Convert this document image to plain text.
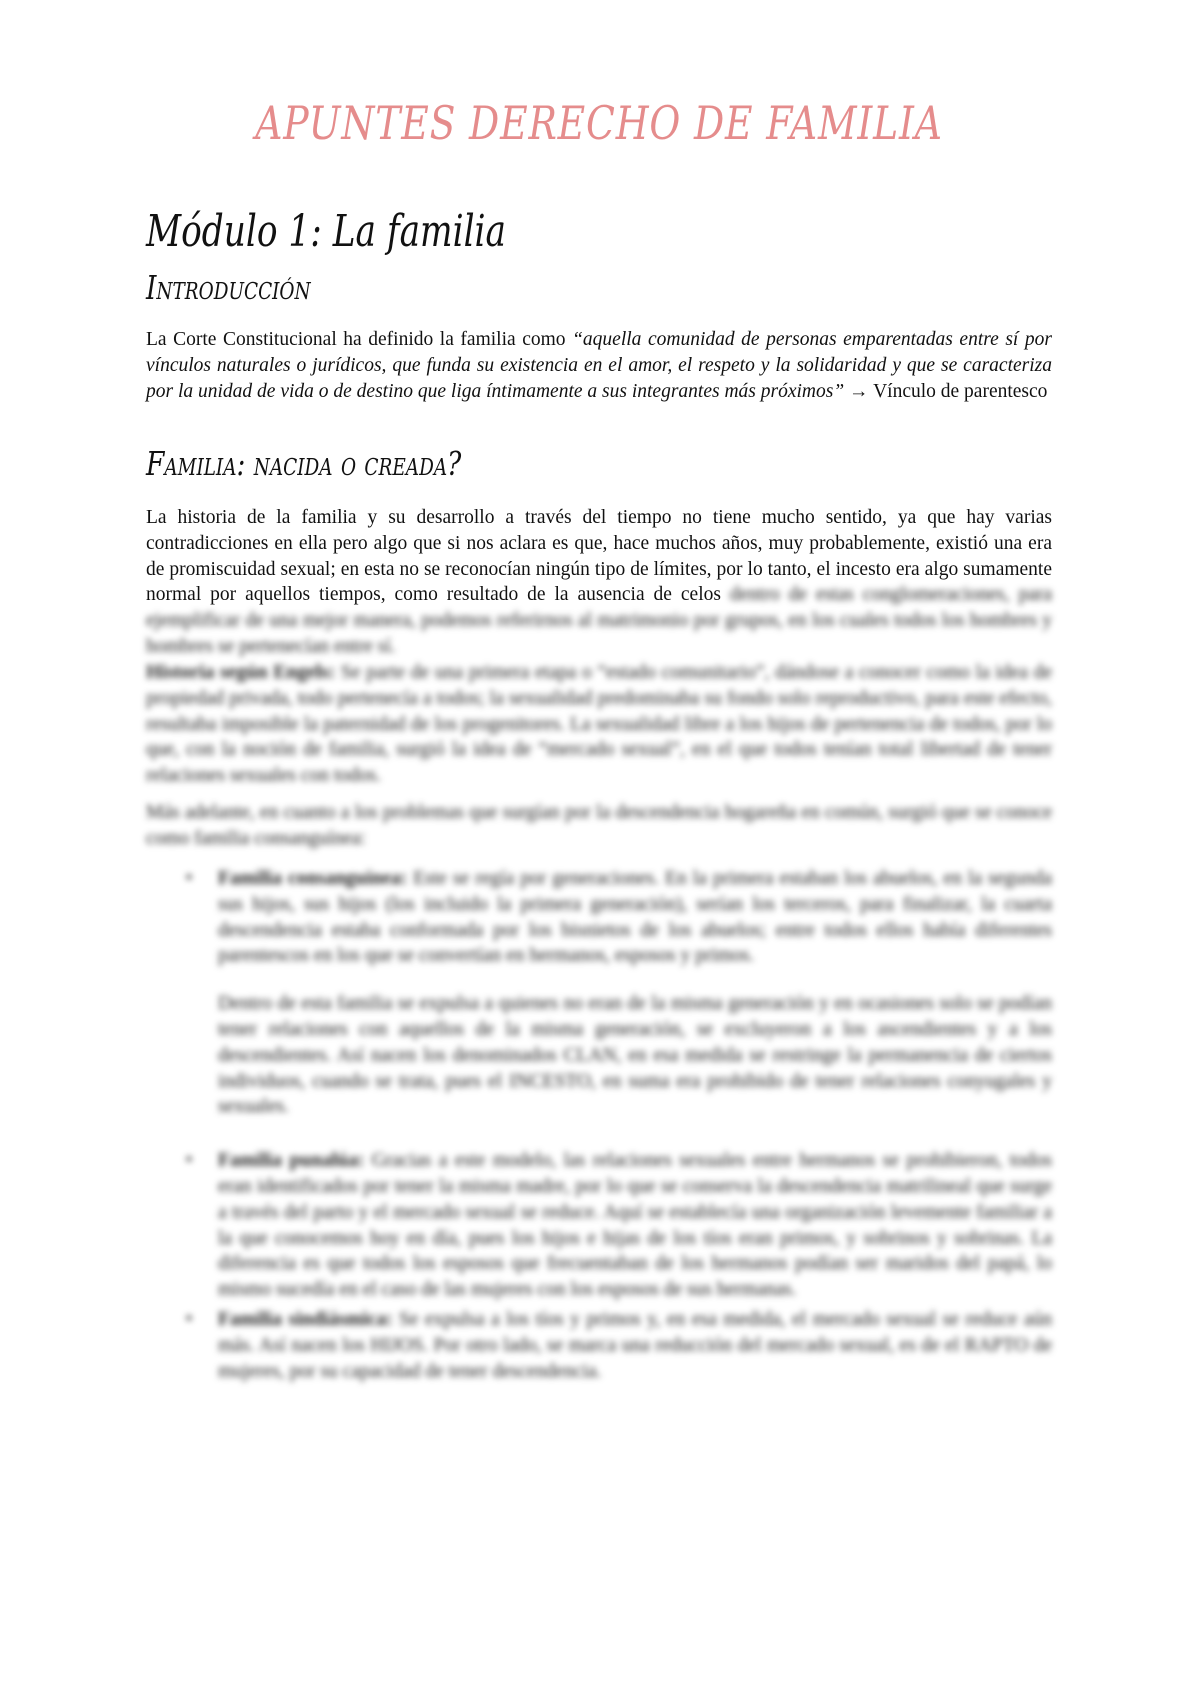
APUNTES DERECHO DE FAMILIA
Módulo 1: La familia
Introducción
La Corte Constitucional ha definido la familia como “aquella comunidad de personas emparentadas entre sí por vínculos naturales o jurídicos, que funda su existencia en el amor, el respeto y la solidaridad y que se caracteriza por la unidad de vida o de destino que liga íntimamente a sus integrantes más próximos” → Vínculo de parentesco
Familia: nacida o creada?
La historia de la familia y su desarrollo a través del tiempo no tiene mucho sentido, ya que hay varias contradicciones en ella pero algo que si nos aclara es que, hace muchos años, muy probablemente, existió una era de promiscuidad sexual; en esta no se reconocían ningún tipo de límites, por lo tanto, el incesto era algo sumamente normal por aquellos tiempos, como resultado de la ausencia de celos dentro de estas conglomeraciones, para ejemplificar de una mejor manera, podemos referirnos al matrimonio por grupos, en los cuales todos los hombres y hombres se pertenecían entre sí.
Historia según Engels: Se parte de una primera etapa o “estado comunitario”, dándose a conocer como la idea de propiedad privada, todo pertenecía a todos; la sexualidad predominaba su fondo solo reproductivo, para este efecto, resultaba imposible la paternidad de los progenitores. La sexualidad libre a los hijos de pertenencia de todos, por lo que, con la noción de familia, surgió la idea de “mercado sexual”, en el que todos tenían total libertad de tener relaciones sexuales con todos.
Más adelante, en cuanto a los problemas que surgían por la descendencia hogareña en común, surgió que se conoce como familia consanguínea:
• Familia consanguínea: Este se regía por generaciones. En la primera estaban los abuelos, en la segunda sus hijos, sus hijos (los incluido la primera generación), serían los terceros, para finalizar, la cuarta descendencia estaba conformada por los bisnietos de los abuelos; entre todos ellos había diferentes parentescos en los que se convertían en hermanos, esposos y primos.
Dentro de esta familia se expulsa a quienes no eran de la misma generación y en ocasiones solo se podían tener relaciones con aquellos de la misma generación, se excluyeron a los ascendientes y a los descendientes. Así nacen los denominados CLAN, en esa medida se restringe la permanencia de ciertos individuos, cuando se trata, pues el INCESTO, en suma era prohibido de tener relaciones conyugales y sexuales.
• Familia punalúa: Gracias a este modelo, las relaciones sexuales entre hermanos se prohibieron, todos eran identificados por tener la misma madre, por lo que se conserva la descendencia matrilineal que surge a través del parto y el mercado sexual se reduce. Aquí se establecía una organización levemente familiar a la que conocemos hoy en día, pues los hijos e hijas de los tíos eran primos, y sobrinos y sobrinas. La diferencia es que todos los esposos que frecuentaban de los hermanos podían ser maridos del papá, lo mismo sucedía en el caso de las mujeres con los esposos de sus hermanas.
• Familia sindiásmica: Se expulsa a los tíos y primos y, en esa medida, el mercado sexual se reduce aún más. Así nacen los HIJOS. Por otro lado, se marca una reducción del mercado sexual, es de el RAPTO de mujeres, por su capacidad de tener descendencia.
